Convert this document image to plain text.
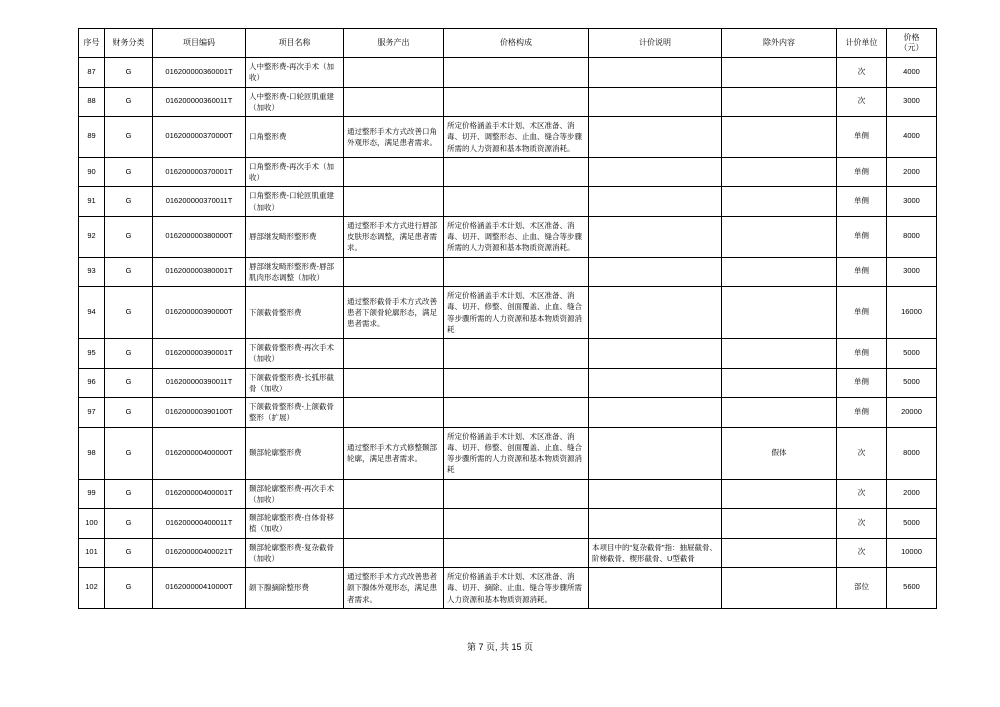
序号	财务分类	项目编码	项目名称	服务产出	价格构成	计价说明	除外内容	计价单位	价格
（元）

87	G	016200000360001T	人中整形费-再次手术（加收）					次	4000
88	G	016200000360011T	人中整形费-口轮匝肌重建（加收）					次	3000
89	G	016200000370000T	口角整形费	通过整形手术方式改善口角外观形态，满足患者需求。	所定价格涵盖手术计划、术区准备、消毒、切开、调整形态、止血、缝合等步骤所需的人力资源和基本物质资源消耗。			单侧	4000
90	G	016200000370001T	口角整形费-再次手术（加收）					单侧	2000
91	G	016200000370011T	口角整形费-口轮匝肌重建（加收）					单侧	3000
92	G	016200000380000T	唇部继发畸形整形费	通过整形手术方式进行唇部皮肤形态调整，满足患者需求。	所定价格涵盖手术计划、术区准备、消毒、切开、调整形态、止血、缝合等步骤所需的人力资源和基本物质资源消耗。			单侧	8000
93	G	016200000380001T	唇部继发畸形整形费-唇部肌肉形态调整（加收）					单侧	3000
94	G	016200000390000T	下颌截骨整形费	通过整形截骨手术方式改善患者下颌骨轮廓形态，满足患者需求。	所定价格涵盖手术计划、术区准备、消毒、切开、修整、创面覆盖、止血、缝合等步骤所需的人力资源和基本物质资源消耗			单侧	16000
95	G	016200000390001T	下颌截骨整形费-再次手术（加收）					单侧	5000
96	G	016200000390011T	下颌截骨整形费-长弧形截骨（加收）					单侧	5000
97	G	016200000390100T	下颌截骨整形费-上颌截骨整形（扩展）					单侧	20000
98	G	016200000400000T	颞部轮廓整形费	通过整形手术方式修整颞部轮廓，满足患者需求。	所定价格涵盖手术计划、术区准备、消毒、切开、修整、创面覆盖、止血、缝合等步骤所需的人力资源和基本物质资源消耗		假体	次	8000
99	G	016200000400001T	颞部轮廓整形费-再次手术（加收）					次	2000
100	G	016200000400011T	颞部轮廓整形费-自体骨移植（加收）					次	5000
101	G	016200000400021T	颞部轮廓整形费-复杂截骨（加收）			本项目中的“复杂截骨”指：抽屉截骨、阶梯截骨、楔形截骨、U型截骨		次	10000
102	G	016200000410000T	颌下腺摘除整形费	通过整形手术方式改善患者颌下腺体外观形态，满足患者需求。	所定价格涵盖手术计划、术区准备、消毒、切开、摘除、止血、缝合等步骤所需人力资源和基本物质资源消耗。			部位	5600
第 7 页, 共 15 页
